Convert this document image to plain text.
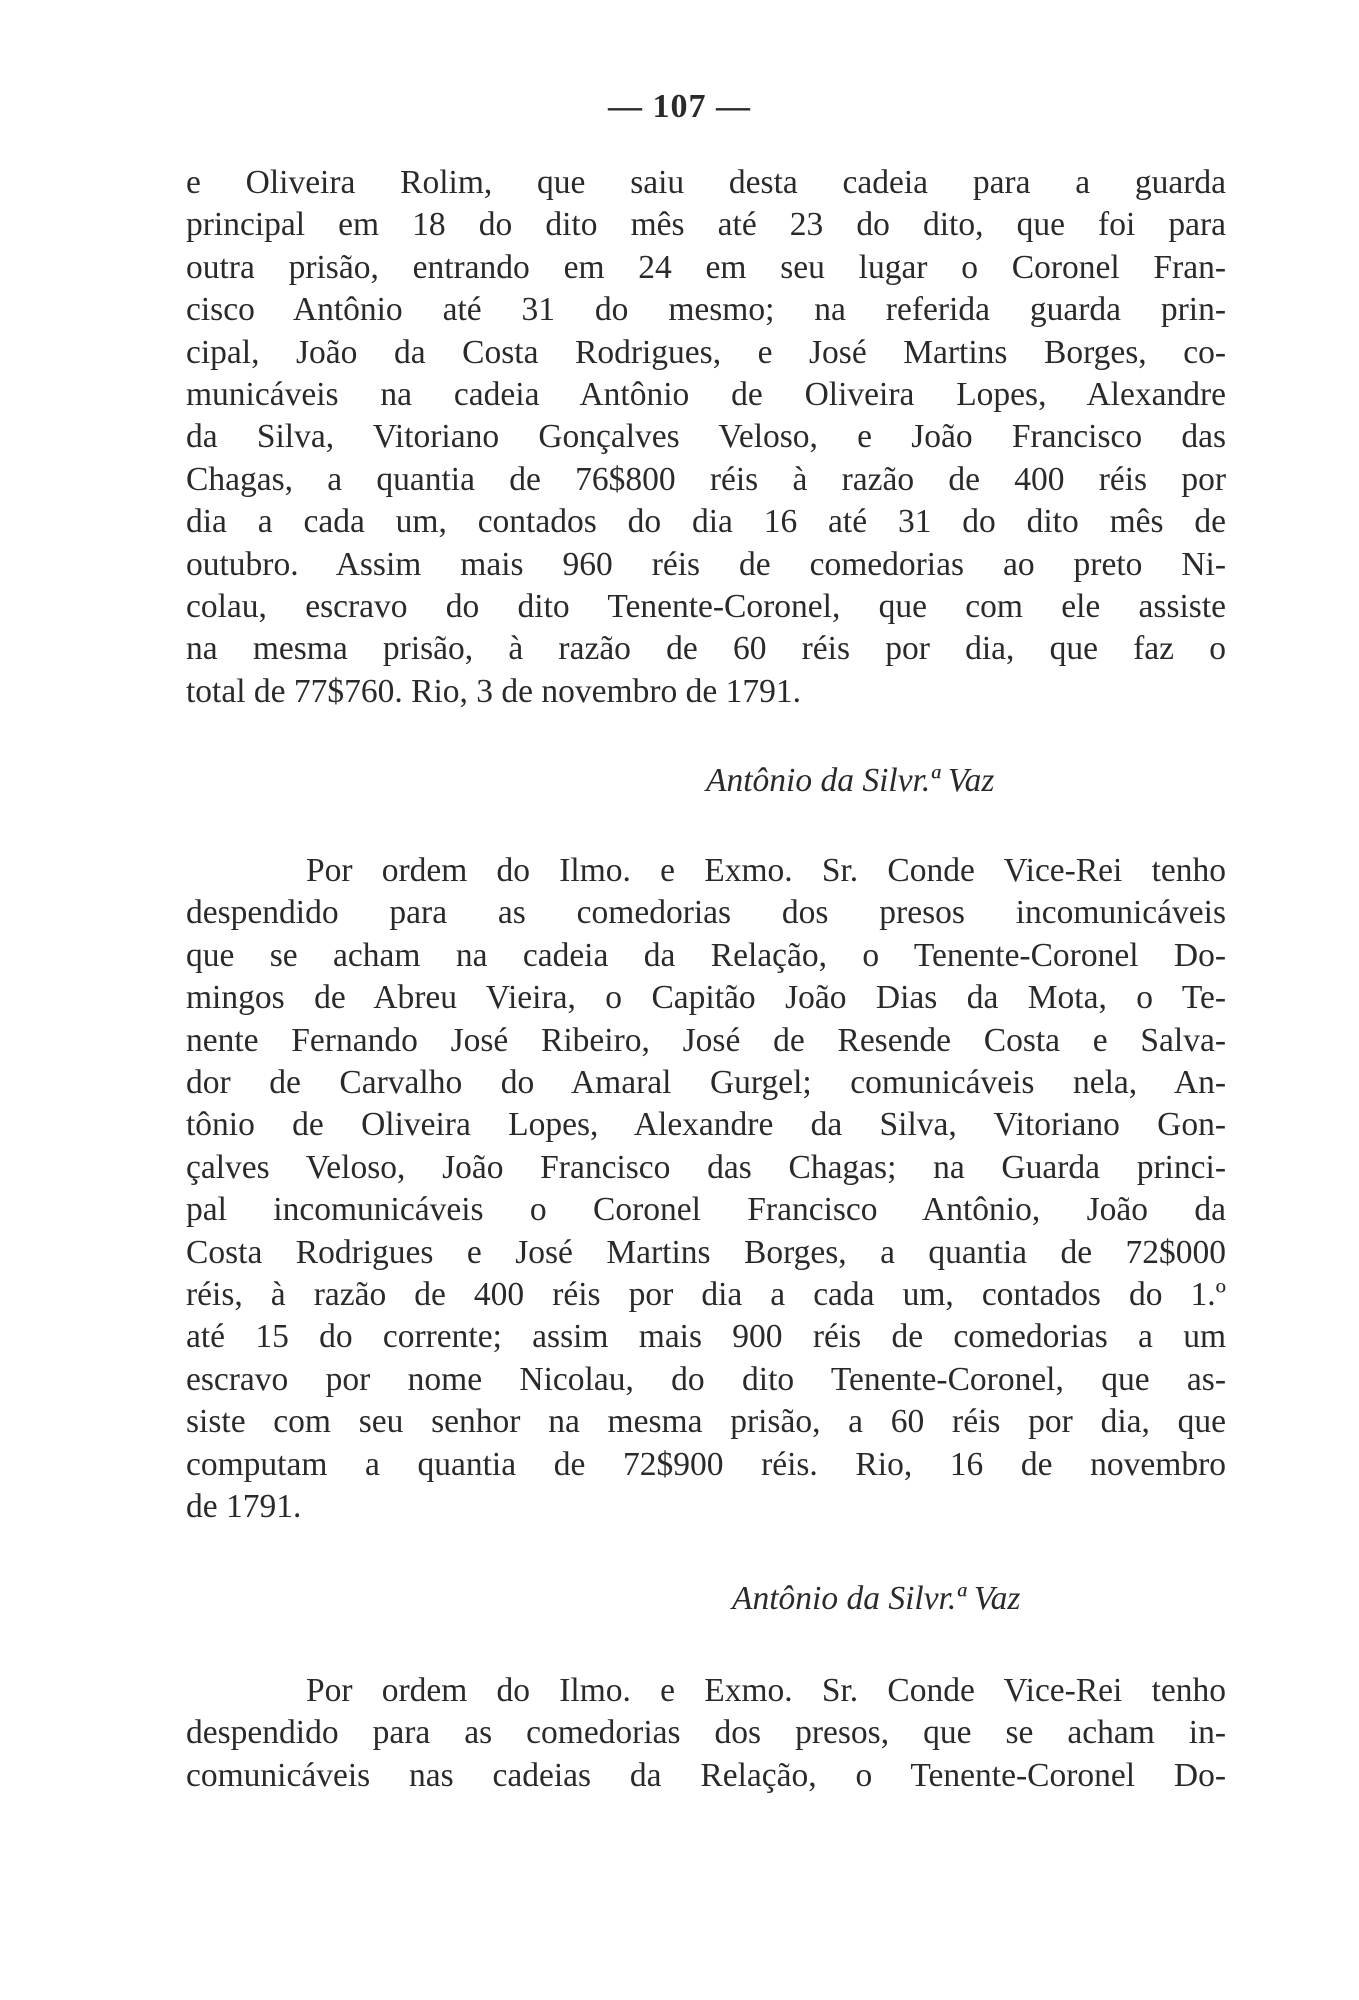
— 107 —
e Oliveira Rolim, que saiu desta cadeia para a guarda
principal em 18 do dito mês até 23 do dito, que foi para
outra prisão, entrando em 24 em seu lugar o Coronel Fran-
cisco Antônio até 31 do mesmo; na referida guarda prin-
cipal, João da Costa Rodrigues, e José Martins Borges, co-
municáveis na cadeia Antônio de Oliveira Lopes, Alexandre
da Silva, Vitoriano Gonçalves Veloso, e João Francisco das
Chagas, a quantia de 76$800 réis à razão de 400 réis por
dia a cada um, contados do dia 16 até 31 do dito mês de
outubro. Assim mais 960 réis de comedorias ao preto Ni-
colau, escravo do dito Tenente-Coronel, que com ele assiste
na mesma prisão, à razão de 60 réis por dia, que faz o
total de 77$760. Rio, 3 de novembro de 1791.
Antônio da Silvr.ª Vaz
Por ordem do Ilmo. e Exmo. Sr. Conde Vice-Rei tenho
despendido para as comedorias dos presos incomunicáveis
que se acham na cadeia da Relação, o Tenente-Coronel Do-
mingos de Abreu Vieira, o Capitão João Dias da Mota, o Te-
nente Fernando José Ribeiro, José de Resende Costa e Salva-
dor de Carvalho do Amaral Gurgel; comunicáveis nela, An-
tônio de Oliveira Lopes, Alexandre da Silva, Vitoriano Gon-
çalves Veloso, João Francisco das Chagas; na Guarda princi-
pal incomunicáveis o Coronel Francisco Antônio, João da
Costa Rodrigues e José Martins Borges, a quantia de 72$000
réis, à razão de 400 réis por dia a cada um, contados do 1.º
até 15 do corrente; assim mais 900 réis de comedorias a um
escravo por nome Nicolau, do dito Tenente-Coronel, que as-
siste com seu senhor na mesma prisão, a 60 réis por dia, que
computam a quantia de 72$900 réis. Rio, 16 de novembro
de 1791.
Antônio da Silvr.ª Vaz
Por ordem do Ilmo. e Exmo. Sr. Conde Vice-Rei tenho
despendido para as comedorias dos presos, que se acham in-
comunicáveis nas cadeias da Relação, o Tenente-Coronel Do-
